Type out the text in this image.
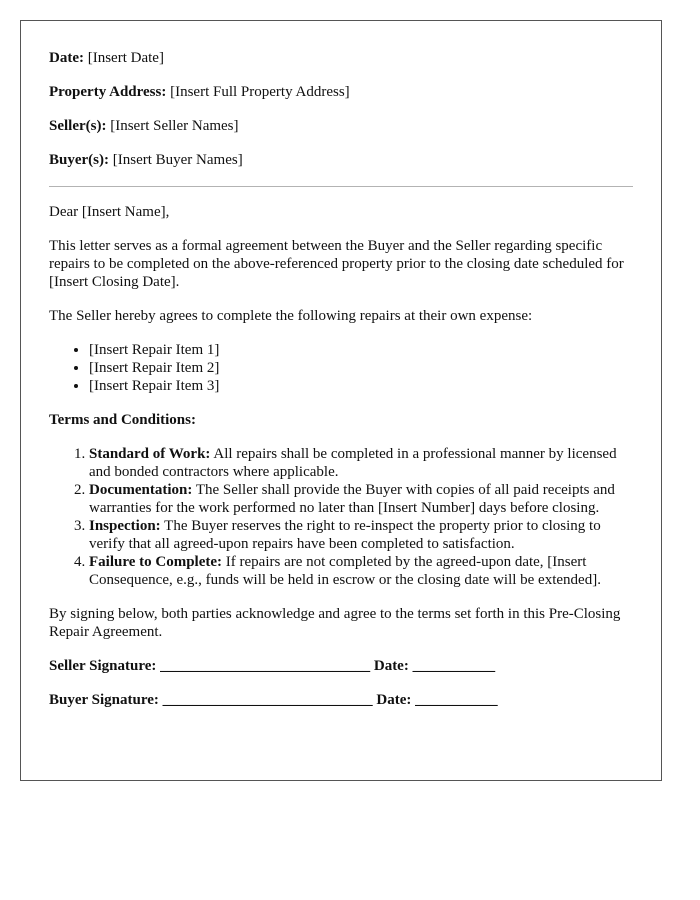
Date: [Insert Date]

Property Address: [Insert Full Property Address]

Seller(s): [Insert Seller Names]

Buyer(s): [Insert Buyer Names]

Dear [Insert Name],

This letter serves as a formal agreement between the Buyer and the Seller regarding specific repairs to be completed on the above-referenced property prior to the closing date scheduled for [Insert Closing Date].

The Seller hereby agrees to complete the following repairs at their own expense:

• [Insert Repair Item 1]
• [Insert Repair Item 2]
• [Insert Repair Item 3]

Terms and Conditions:

1. Standard of Work: All repairs shall be completed in a professional manner by licensed and bonded contractors where applicable.
2. Documentation: The Seller shall provide the Buyer with copies of all paid receipts and warranties for the work performed no later than [Insert Number] days before closing.
3. Inspection: The Buyer reserves the right to re-inspect the property prior to closing to verify that all agreed-upon repairs have been completed to satisfaction.
4. Failure to Complete: If repairs are not completed by the agreed-upon date, [Insert Consequence, e.g., funds will be held in escrow or the closing date will be extended].

By signing below, both parties acknowledge and agree to the terms set forth in this Pre-Closing Repair Agreement.

Seller Signature: ____________________________ Date: ___________

Buyer Signature: ____________________________ Date: ___________
